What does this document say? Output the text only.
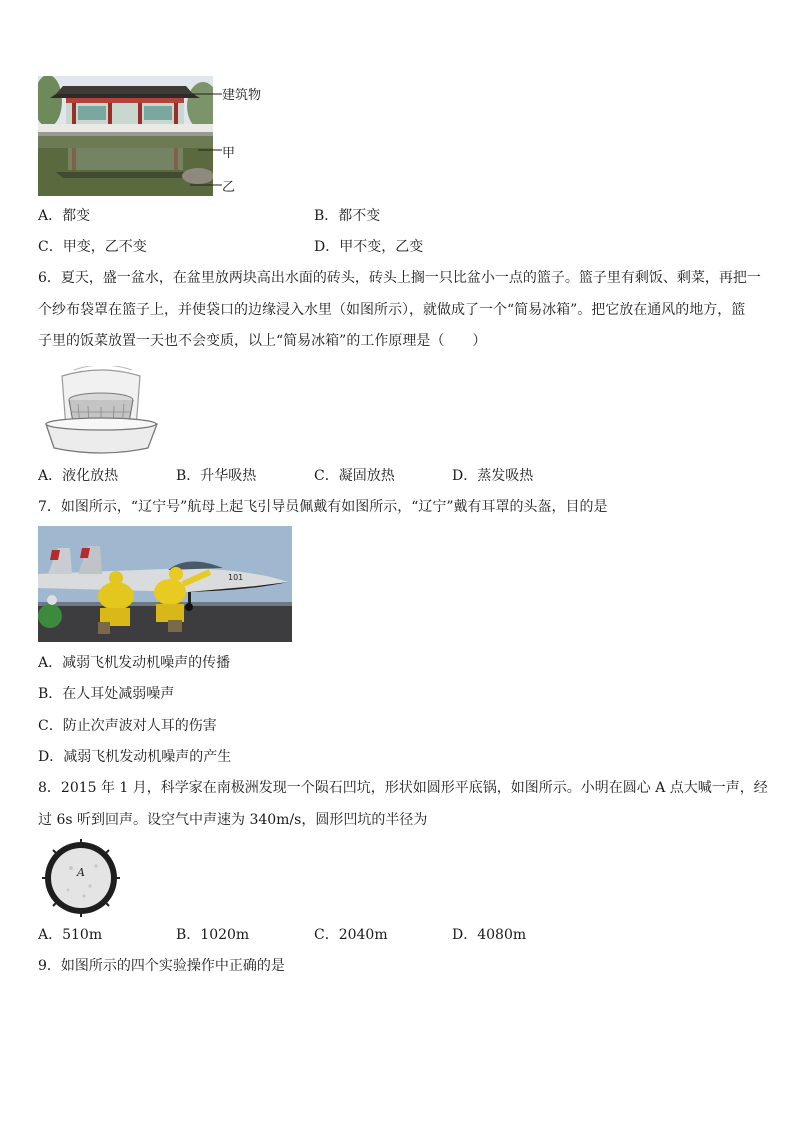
建筑物
甲
乙
A．都变	B．都不变
C．甲变，乙不变	D．甲不变，乙变
6．夏天，盛一盆水，在盆里放两块高出水面的砖头，砖头上搁一只比盆小一点的篮子。篮子里有剩饭、剩菜，再把一
个纱布袋罩在篮子上，并使袋口的边缘浸入水里（如图所示），就做成了一个“简易冰箱”。把它放在通风的地方，篮
子里的饭菜放置一天也不会变质，以上“简易冰箱”的工作原理是（　　）
A．液化放热	B．升华吸热	C．凝固放热	D．蒸发吸热
7．如图所示，“辽宁号”航母上起飞引导员佩戴有如图所示，“辽宁”戴有耳罩的头盔，目的是
101
A．减弱飞机发动机噪声的传播
B．在人耳处减弱噪声
C．防止次声波对人耳的伤害
D．减弱飞机发动机噪声的产生
8．2015 年 1 月，科学家在南极洲发现一个陨石凹坑，形状如圆形平底锅，如图所示。小明在圆心 A 点大喊一声，经
过 6s 听到回声。设空气中声速为 340m/s，圆形凹坑的半径为
A
A．510m	B．1020m	C．2040m	D．4080m
9．如图所示的四个实验操作中正确的是
